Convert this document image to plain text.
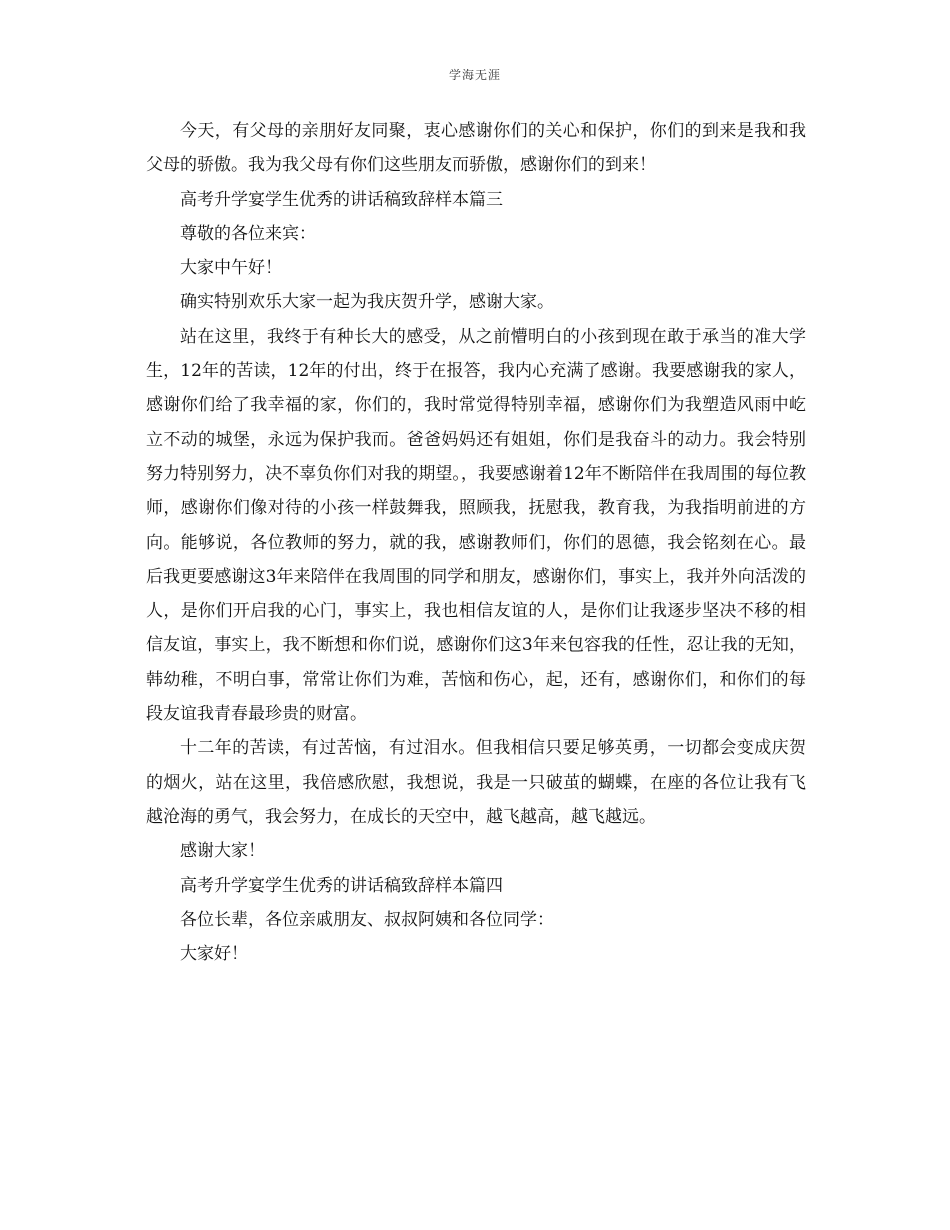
学海无涯

今天，有父母的亲朋好友同聚，衷心感谢你们的关心和保护，你们的到来是我和我父母的骄傲。我为我父母有你们这些朋友而骄傲，感谢你们的到来！

高考升学宴学生优秀的讲话稿致辞样本篇三

尊敬的各位来宾：

大家中午好！

确实特别欢乐大家一起为我庆贺升学，感谢大家。

站在这里，我终于有种长大的感受，从之前懵明白的小孩到现在敢于承当的准大学生，12年的苦读，12年的付出，终于在报答，我内心充满了感谢。我要感谢我的家人，感谢你们给了我幸福的家，你们的，我时常觉得特别幸福，感谢你们为我塑造风雨中屹立不动的城堡，永远为保护我而。爸爸妈妈还有姐姐，你们是我奋斗的动力。我会特别努力特别努力，决不辜负你们对我的期望。，我要感谢着12年不断陪伴在我周围的每位教师，感谢你们像对待的小孩一样鼓舞我，照顾我，抚慰我，教育我，为我指明前进的方向。能够说，各位教师的努力，就的我，感谢教师们，你们的恩德，我会铭刻在心。最后我更要感谢这3年来陪伴在我周围的同学和朋友，感谢你们，事实上，我并外向活泼的人，是你们开启我的心门，事实上，我也相信友谊的人，是你们让我逐步坚决不移的相信友谊，事实上，我不断想和你们说，感谢你们这3年来包容我的任性，忍让我的无知，韩幼稚，不明白事，常常让你们为难，苦恼和伤心，起，还有，感谢你们，和你们的每段友谊我青春最珍贵的财富。

十二年的苦读，有过苦恼，有过泪水。但我相信只要足够英勇，一切都会变成庆贺的烟火，站在这里，我倍感欣慰，我想说，我是一只破茧的蝴蝶，在座的各位让我有飞越沧海的勇气，我会努力，在成长的天空中，越飞越高，越飞越远。

感谢大家！

高考升学宴学生优秀的讲话稿致辞样本篇四

各位长辈，各位亲戚朋友、叔叔阿姨和各位同学：

大家好！
